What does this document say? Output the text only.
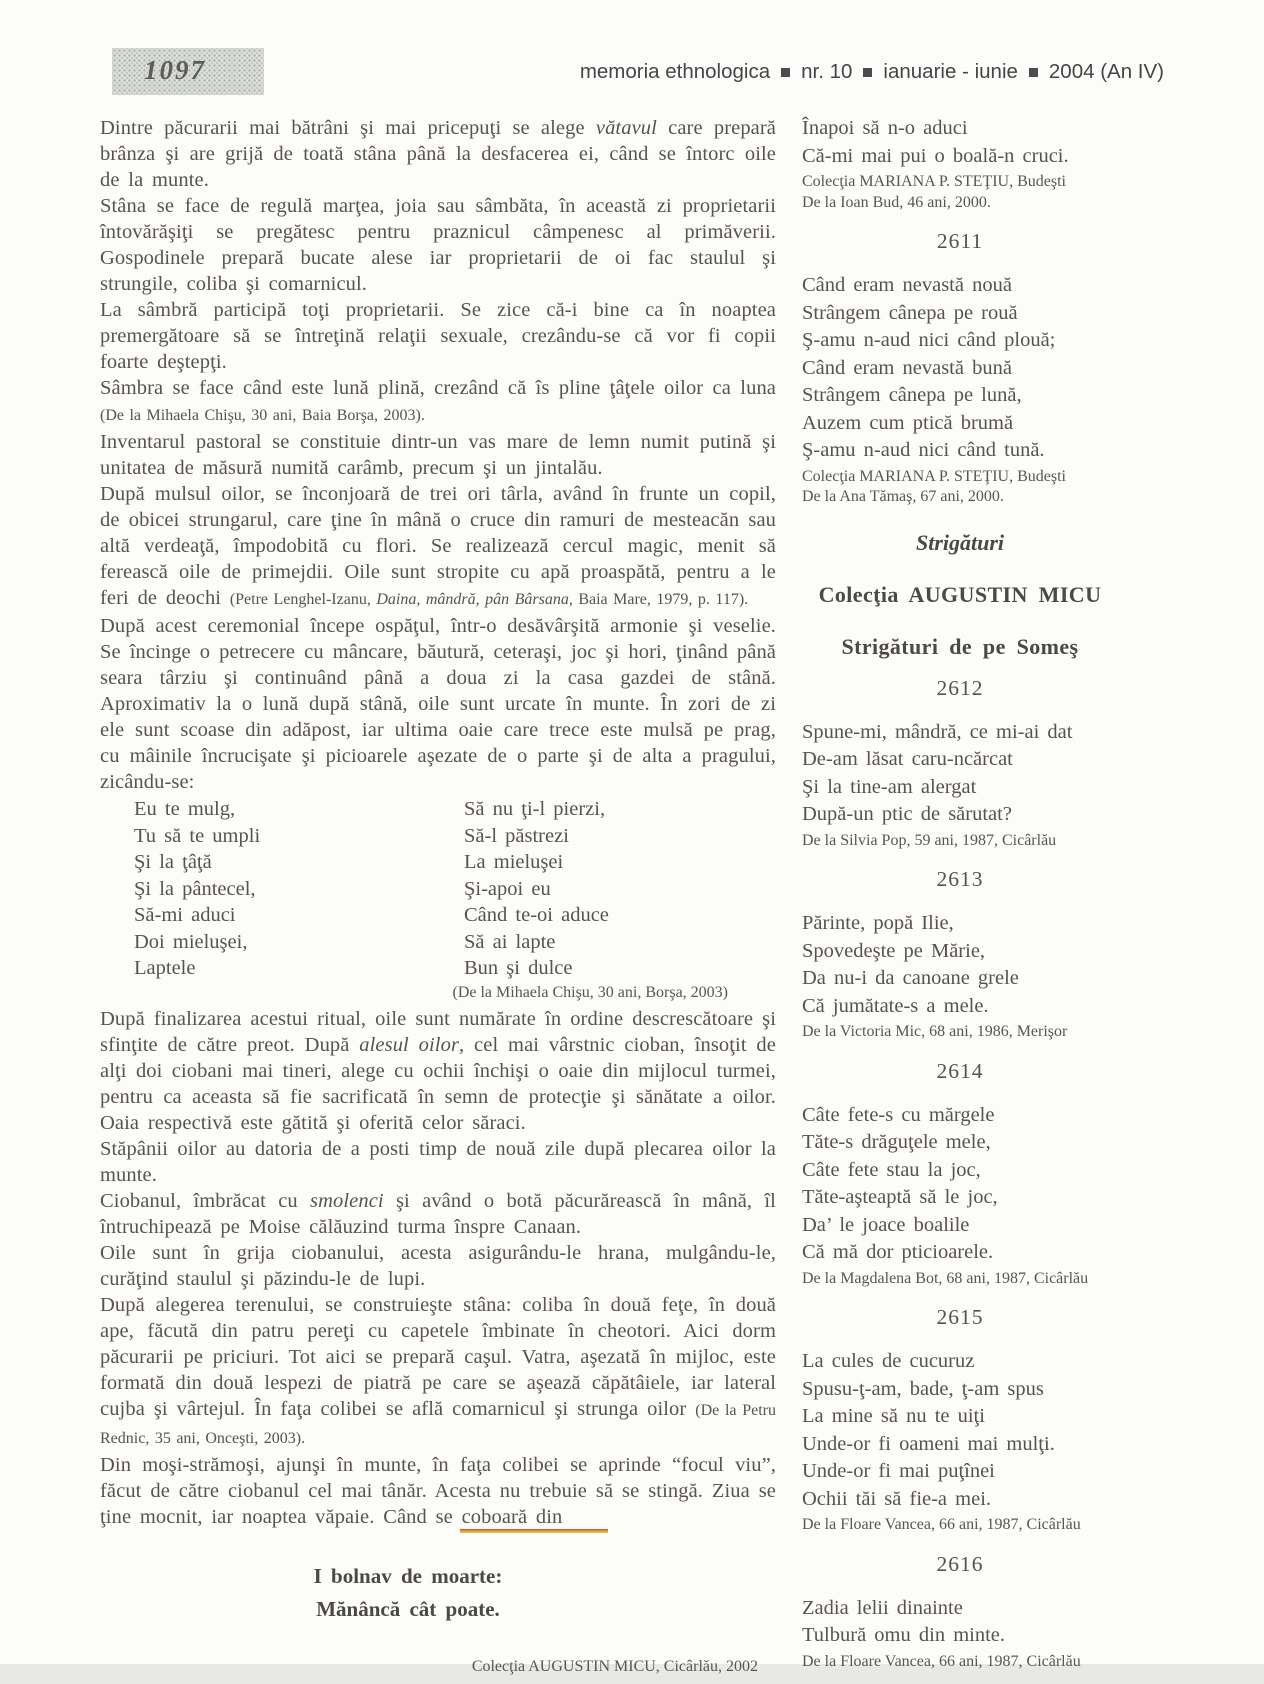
1097	memoria ethnologica nr. 10 ianuarie - iunie 2004 (An IV)

Dintre păcurarii mai bătrâni şi mai pricepuţi se alege vătavul care prepară brânza şi are grijă de toată stâna până la desfacerea ei, când se întorc oile de la munte.

Stâna se face de regulă marţea, joia sau sâmbăta, în această zi proprietarii întovărăşiţi se pregătesc pentru praznicul câmpenesc al primăverii. Gospodinele prepară bucate alese iar proprietarii de oi fac staulul şi strungile, coliba şi comarnicul.

La sâmbră participă toţi proprietarii. Se zice că-i bine ca în noaptea premergătoare să se întreţină relaţii sexuale, crezându-se că vor fi copii foarte deştepţi.

Sâmbra se face când este lună plină, crezând că îs pline ţâţele oilor ca luna (De la Mihaela Chişu, 30 ani, Baia Borşa, 2003).

Inventarul pastoral se constituie dintr-un vas mare de lemn numit putină şi unitatea de măsură numită carâmb, precum şi un jintalău.

După mulsul oilor, se înconjoară de trei ori târla, având în frunte un copil, de obicei strungarul, care ţine în mână o cruce din ramuri de mesteacăn sau altă verdeaţă, împodobită cu flori. Se realizează cercul magic, menit să ferească oile de primejdii. Oile sunt stropite cu apă proaspătă, pentru a le feri de deochi (Petre Lenghel-Izanu, Daina, mândră, pân Bârsana, Baia Mare, 1979, p. 117).

După acest ceremonial începe ospăţul, într-o desăvârşită armonie şi veselie. Se încinge o petrecere cu mâncare, băutură, ceteraşi, joc şi hori, ţinând până seara târziu şi continuând până a doua zi la casa gazdei de stână. Aproximativ la o lună după stână, oile sunt urcate în munte. În zori de zi ele sunt scoase din adăpost, iar ultima oaie care trece este mulsă pe prag, cu mâinile încrucişate şi picioarele aşezate de o parte şi de alta a pragului, zicându-se:

Eu te mulg,
Tu să te umpli
Şi la ţâţă
Şi la pântecel,
Să-mi aduci
Doi mieluşei,
Laptele
Să nu ţi-l pierzi,
Să-l păstrezi
La mieluşei
Şi-apoi eu
Când te-oi aduce
Să ai lapte
Bun şi dulce
(De la Mihaela Chişu, 30 ani, Borşa, 2003)

După finalizarea acestui ritual, oile sunt numărate în ordine descrescătoare şi sfinţite de către preot. După alesul oilor, cel mai vârstnic cioban, însoţit de alţi doi ciobani mai tineri, alege cu ochii închişi o oaie din mijlocul turmei, pentru ca aceasta să fie sacrificată în semn de protecţie şi sănătate a oilor. Oaia respectivă este gătită şi oferită celor săraci.

Stăpânii oilor au datoria de a posti timp de nouă zile după plecarea oilor la munte.

Ciobanul, îmbrăcat cu smolenci şi având o botă păcurărească în mână, îl întruchipează pe Moise călăuzind turma înspre Canaan.

Oile sunt în grija ciobanului, acesta asigurându-le hrana, mulgându-le, curăţind staulul şi păzindu-le de lupi.

După alegerea terenului, se construieşte stâna: coliba în două feţe, în două ape, făcută din patru pereţi cu capetele îmbinate în cheotori. Aici dorm păcurarii pe priciuri. Tot aici se prepară caşul. Vatra, aşezată în mijloc, este formată din două lespezi de piatră pe care se aşează căpătâiele, iar lateral cujba şi vârtejul. În faţa colibei se află comarnicul şi strunga oilor (De la Petru Rednic, 35 ani, Onceşti, 2003).

Din moşi-strămoşi, ajunşi în munte, în faţa colibei se aprinde “focul viu”, făcut de către ciobanul cel mai tânăr. Acesta nu trebuie să se stingă. Ziua se ţine mocnit, iar noaptea văpaie. Când se coboară din

I bolnav de moarte:
Mănâncă cât poate.
Colecţia AUGUSTIN MICU, Cicârlău, 2002
Înapoi să n-o aduci
Că-mi mai pui o boală-n cruci.
Colecţia MARIANA P. STEŢIU, Budeşti
De la Ioan Bud, 46 ani, 2000.
2611
Când eram nevastă nouă
Strângem cânepa pe rouă
Ş-amu n-aud nici când plouă;
Când eram nevastă bună
Strângem cânepa pe lună,
Auzem cum ptică brumă
Ş-amu n-aud nici când tună.
Colecţia MARIANA P. STEŢIU, Budeşti
De la Ana Tămaş, 67 ani, 2000.
Strigături
Colecţia AUGUSTIN MICU
Strigături de pe Someş
2612
Spune-mi, mândră, ce mi-ai dat
De-am lăsat caru-ncărcat
Şi la tine-am alergat
După-un ptic de sărutat?
De la Silvia Pop, 59 ani, 1987, Cicârlău
2613
Părinte, popă Ilie,
Spovedeşte pe Mărie,
Da nu-i da canoane grele
Că jumătate-s a mele.
De la Victoria Mic, 68 ani, 1986, Merişor
2614
Câte fete-s cu mărgele
Tăte-s drăguţele mele,
Câte fete stau la joc,
Tăte-aşteaptă să le joc,
Da’ le joace boalile
Că mă dor pticioarele.
De la Magdalena Bot, 68 ani, 1987, Cicârlău
2615
La cules de cucuruz
Spusu-ţ-am, bade, ţ-am spus
La mine să nu te uiţi
Unde-or fi oameni mai mulţi.
Unde-or fi mai puţînei
Ochii tăi să fie-a mei.
De la Floare Vancea, 66 ani, 1987, Cicârlău
2616
Zadia lelii dinainte
Tulbură omu din minte.
De la Floare Vancea, 66 ani, 1987, Cicârlău
